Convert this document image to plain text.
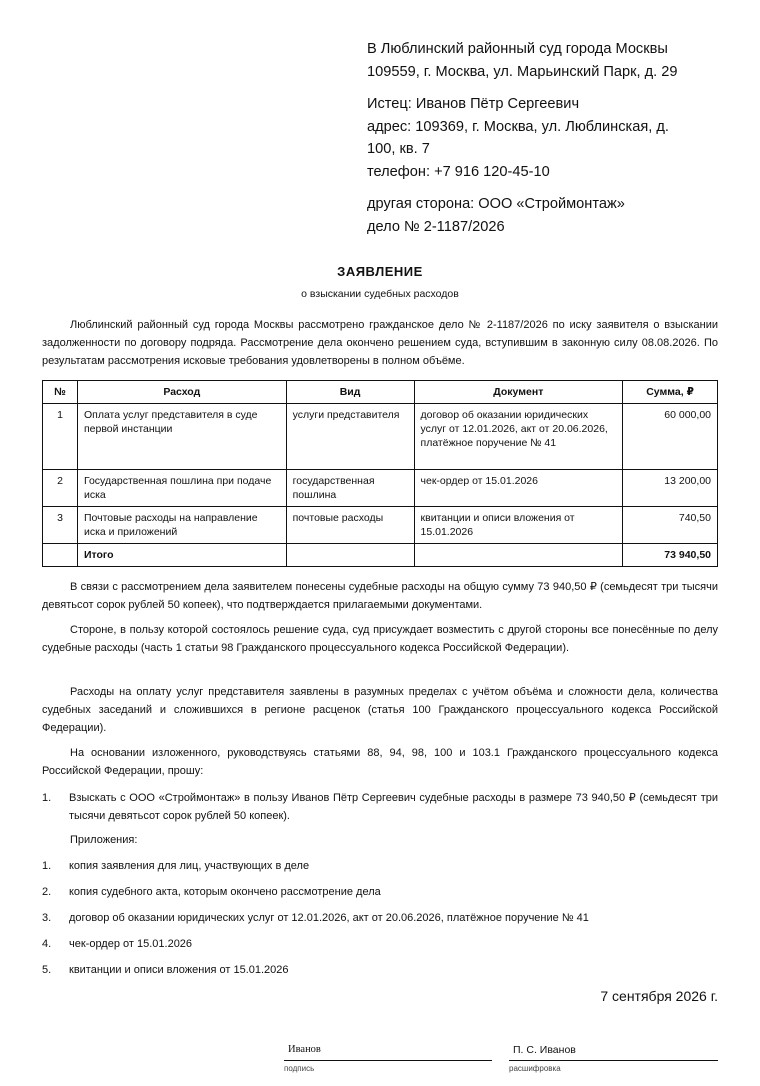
В Люблинский районный суд города Москвы
109559, г. Москва, ул. Марьинский Парк, д. 29
Истец: Иванов Пётр Сергеевич
адрес: 109369, г. Москва, ул. Люблинская, д.
100, кв. 7
телефон: +7 916 120-45-10
другая сторона: ООО «Строймонтаж»
дело № 2-1187/2026
ЗАЯВЛЕНИЕ
о взыскании судебных расходов

Люблинский районный суд города Москвы рассмотрено гражданское дело № 2-1187/2026 по иску заявителя о взыскании задолженности по договору подряда. Рассмотрение дела окончено решением суда, вступившим в законную силу 08.08.2026. По результатам рассмотрения исковые требования удовлетворены в полном объёме.

№	Расход	Вид	Документ	Сумма, ₽
1	Оплата услуг представителя в суде первой инстанции	услуги представителя	договор об оказании юридических услуг от 12.01.2026, акт от 20.06.2026, платёжное поручение № 41	60 000,00
2	Государственная пошлина при подаче иска	государственная пошлина	чек-ордер от 15.01.2026	13 200,00
3	Почтовые расходы на направление иска и приложений	почтовые расходы	квитанции и описи вложения от 15.01.2026	740,50
	Итого			73 940,50

В связи с рассмотрением дела заявителем понесены судебные расходы на общую сумму 73 940,50 ₽ (семьдесят три тысячи девятьсот сорок рублей 50 копеек), что подтверждается прилагаемыми документами.

Стороне, в пользу которой состоялось решение суда, суд присуждает возместить с другой стороны все понесённые по делу судебные расходы (часть 1 статьи 98 Гражданского процессуального кодекса Российской Федерации).

Расходы на оплату услуг представителя заявлены в разумных пределах с учётом объёма и сложности дела, количества судебных заседаний и сложившихся в регионе расценок (статья 100 Гражданского процессуального кодекса Российской Федерации).

На основании изложенного, руководствуясь статьями 88, 94, 98, 100 и 103.1 Гражданского процессуального кодекса Российской Федерации, прошу:

1.	Взыскать с ООО «Строймонтаж» в пользу Иванов Пётр Сергеевич судебные расходы в размере 73 940,50 ₽ (семьдесят три тысячи девятьсот сорок рублей 50 копеек).
Приложения:
1.	копия заявления для лиц, участвующих в деле
2.	копия судебного акта, которым окончено рассмотрение дела
3.	договор об оказании юридических услуг от 12.01.2026, акт от 20.06.2026, платёжное поручение № 41
4.	чек-ордер от 15.01.2026
5.	квитанции и описи вложения от 15.01.2026
7 сентября 2026 г.
Иванов
подпись
П. С. Иванов
расшифровка
